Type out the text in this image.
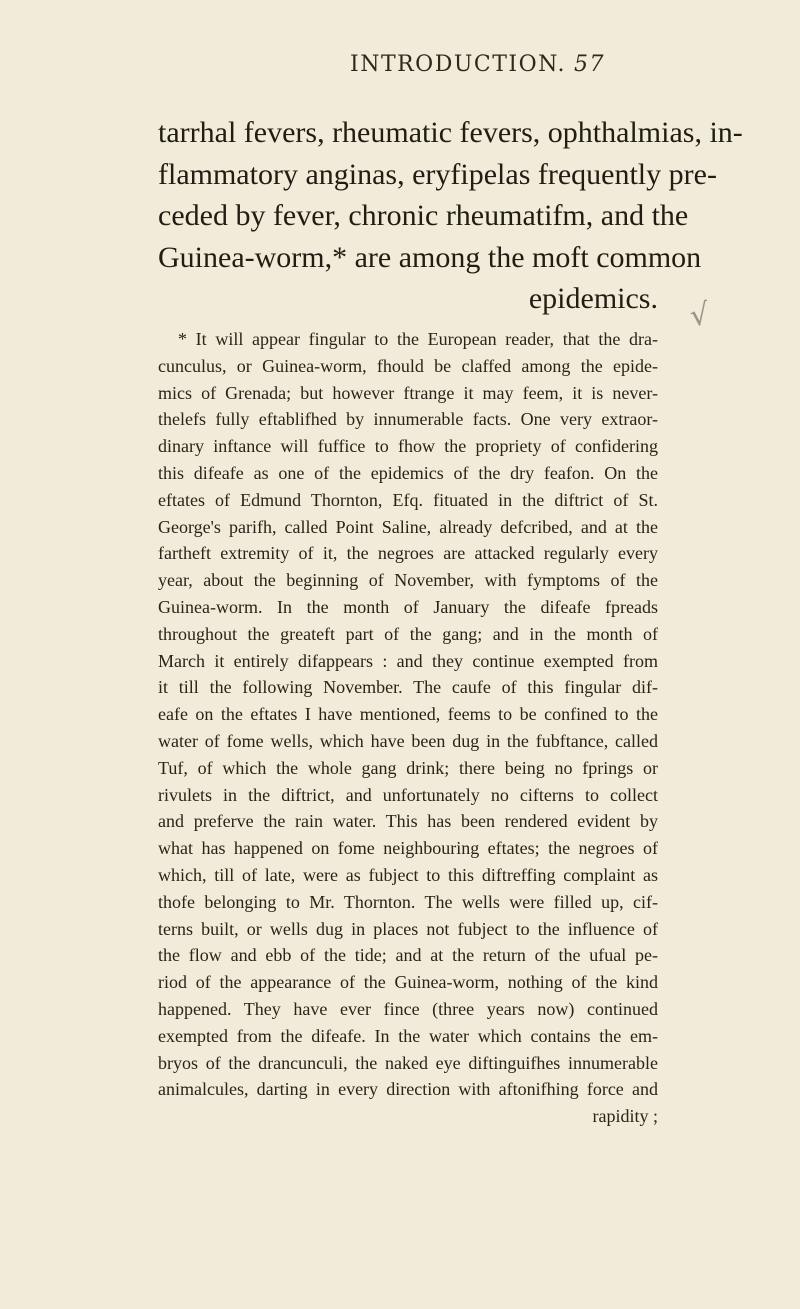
INTRODUCTION. 57
tarrhal fevers, rheumatic fevers, ophthalmias, in-
flammatory anginas, eryfipelas frequently pre-
ceded by fever, chronic rheumatifm, and the
Guinea-worm,* are among the moft common
epidemics. √
* It will appear fingular to the European reader, that the dra-
cunculus, or Guinea-worm, fhould be claffed among the epide-
mics of Grenada; but however ftrange it may feem, it is never-
thelefs fully eftablifhed by innumerable facts. One very extraor-
dinary inftance will fuffice to fhow the propriety of confidering
this difeafe as one of the epidemics of the dry feafon. On the
eftates of Edmund Thornton, Efq. fituated in the diftrict of St.
George's parifh, called Point Saline, already defcribed, and at the
fartheft extremity of it, the negroes are attacked regularly every
year, about the beginning of November, with fymptoms of the
Guinea-worm. In the month of January the difeafe fpreads
throughout the greateft part of the gang; and in the month of
March it entirely difappears : and they continue exempted from
it till the following November. The caufe of this fingular dif-
eafe on the eftates I have mentioned, feems to be confined to the
water of fome wells, which have been dug in the fubftance, called
Tuf, of which the whole gang drink; there being no fprings or
rivulets in the diftrict, and unfortunately no cifterns to collect
and preferve the rain water. This has been rendered evident by
what has happened on fome neighbouring eftates; the negroes of
which, till of late, were as fubject to this diftreffing complaint as
thofe belonging to Mr. Thornton. The wells were filled up, cif-
terns built, or wells dug in places not fubject to the influence of
the flow and ebb of the tide; and at the return of the ufual pe-
riod of the appearance of the Guinea-worm, nothing of the kind
happened. They have ever fince (three years now) continued
exempted from the difeafe. In the water which contains the em-
bryos of the drancunculi, the naked eye diftinguifhes innumerable
animalcules, darting in every direction with aftonifhing force and
rapidity ;
